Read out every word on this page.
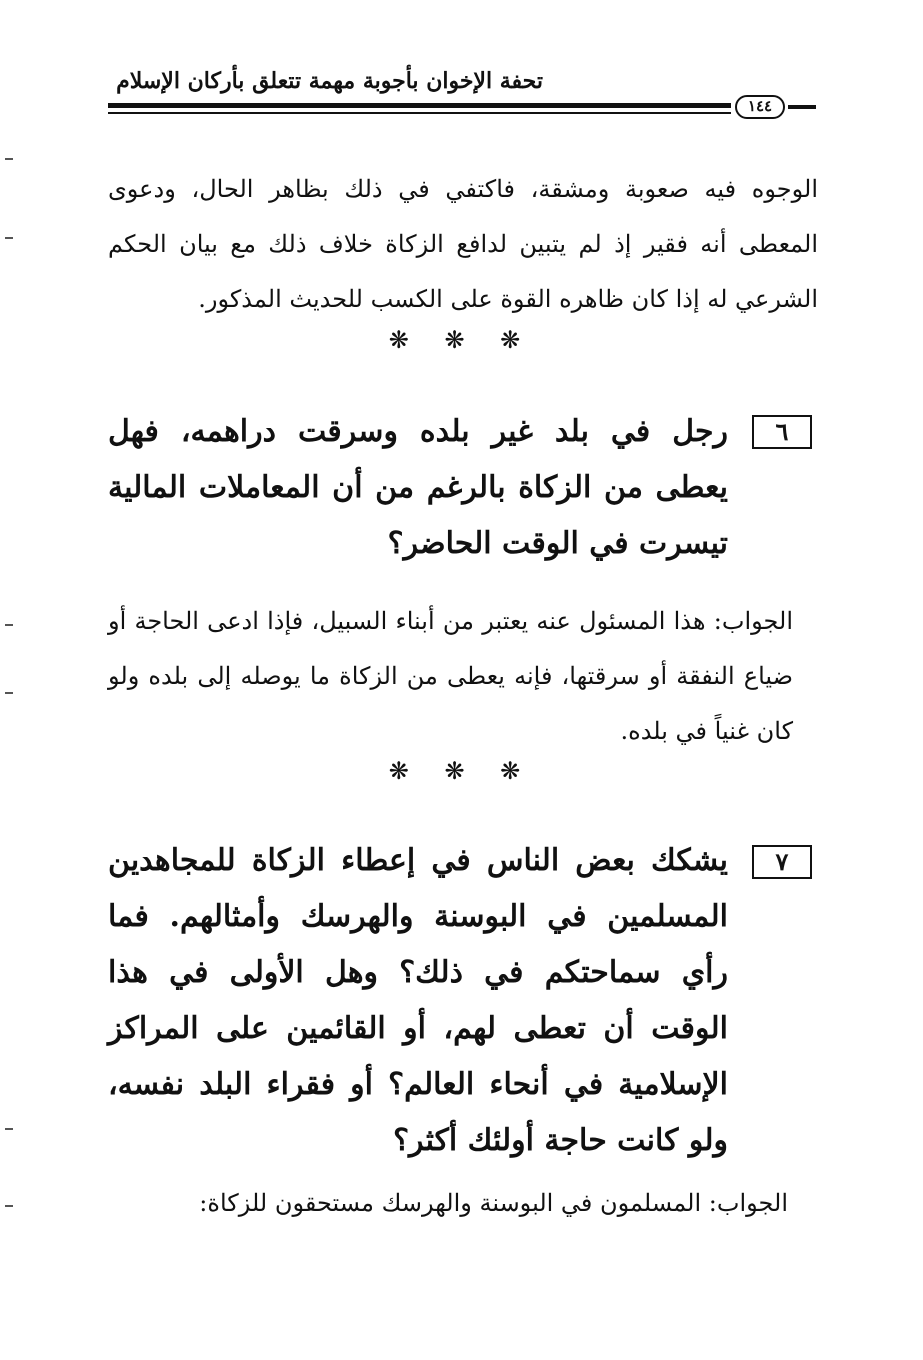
تحفة الإخوان بأجوبة مهمة تتعلق بأركان الإسلام
١٤٤
الوجوه فيه صعوبة ومشقة، فاكتفي في ذلك بظاهر الحال، ودعوى المعطى أنه فقير إذ لم يتبين لدافع الزكاة خلاف ذلك مع بيان الحكم الشرعي له إذا كان ظاهره القوة على الكسب للحديث المذكور.
❋ ❋ ❋
٦
رجل في بلد غير بلده وسرقت دراهمه، فهل يعطى من الزكاة بالرغم من أن المعاملات المالية تيسرت في الوقت الحاضر؟
الجواب: هذا المسئول عنه يعتبر من أبناء السبيل، فإذا ادعى الحاجة أو ضياع النفقة أو سرقتها، فإنه يعطى من الزكاة ما يوصله إلى بلده ولو كان غنياً في بلده.
❋ ❋ ❋
٧
يشكك بعض الناس في إعطاء الزكاة للمجاهدين المسلمين في البوسنة والهرسك وأمثالهم. فما رأي سماحتكم في ذلك؟ وهل الأولى في هذا الوقت أن تعطى لهم، أو القائمين على المراكز الإسلامية في أنحاء العالم؟ أو فقراء البلد نفسه، ولو كانت حاجة أولئك أكثر؟
الجواب: المسلمون في البوسنة والهرسك مستحقون للزكاة:
